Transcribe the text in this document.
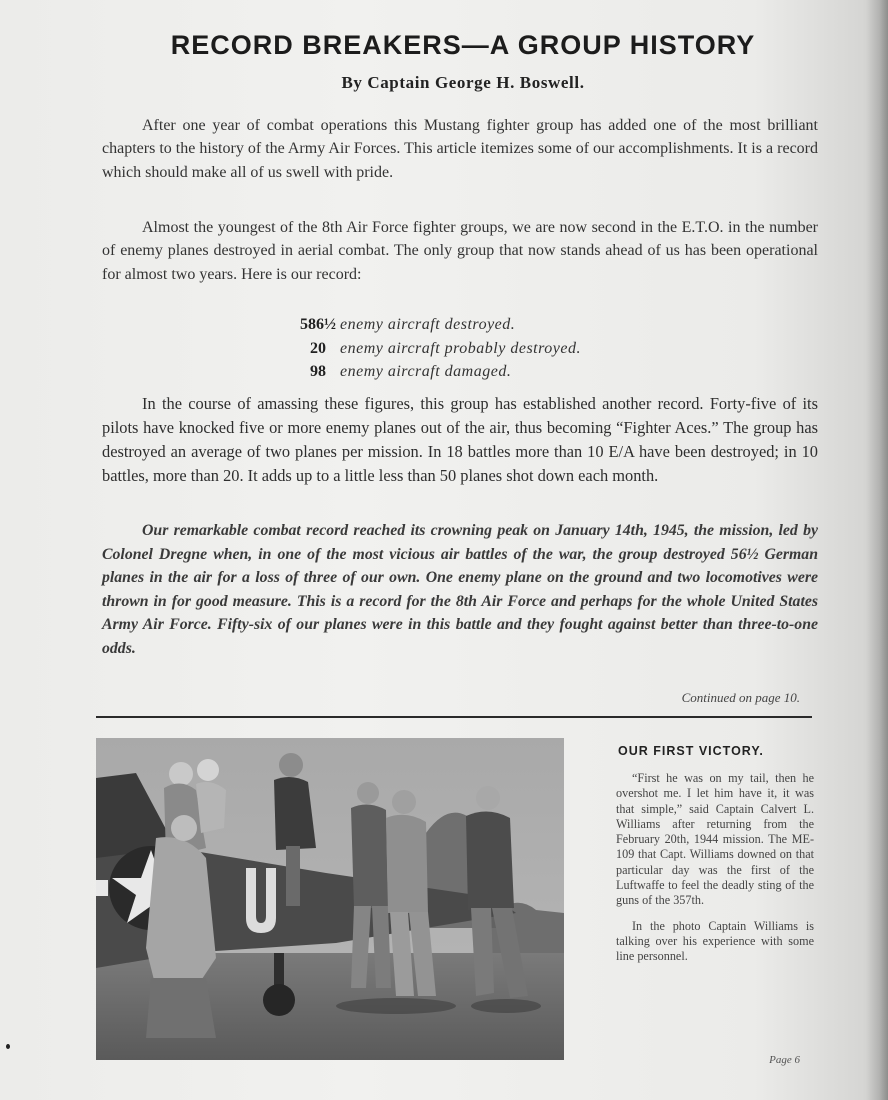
RECORD BREAKERS—A GROUP HISTORY
By Captain George H. Boswell.

After one year of combat operations this Mustang fighter group has added one of the most brilliant chapters to the history of the Army Air Forces. This article itemizes some of our accomplishments. It is a record which should make all of us swell with pride.

Almost the youngest of the 8th Air Force fighter groups, we are now second in the E.T.O. in the number of enemy planes destroyed in aerial combat. The only group that now stands ahead of us has been operational for almost two years. Here is our record:

586½ enemy aircraft destroyed.
20 enemy aircraft probably destroyed.
98 enemy aircraft damaged.

In the course of amassing these figures, this group has established another record. Forty-five of its pilots have knocked five or more enemy planes out of the air, thus becoming “Fighter Aces.” The group has destroyed an average of two planes per mission. In 18 battles more than 10 E/A have been destroyed; in 10 battles, more than 20. It adds up to a little less than 50 planes shot down each month.

Our remarkable combat record reached its crowning peak on January 14th, 1945, the mission, led by Colonel Dregne when, in one of the most vicious air battles of the war, the group destroyed 56½ German planes in the air for a loss of three of our own. One enemy plane on the ground and two locomotives were thrown in for good measure. This is a record for the 8th Air Force and perhaps for the whole United States Army Air Force. Fifty-six of our planes were in this battle and they fought against better than three-to-one odds.

Continued on page 10.
OUR FIRST VICTORY.

“First he was on my tail, then he overshot me. I let him have it, it was that simple,” said Captain Calvert L. Williams after returning from the February 20th, 1944 mission. The ME-109 that Capt. Williams downed on that particular day was the first of the Luftwaffe to feel the deadly sting of the guns of the 357th.

In the photo Captain Williams is talking over his experience with some line personnel.

Page 6
